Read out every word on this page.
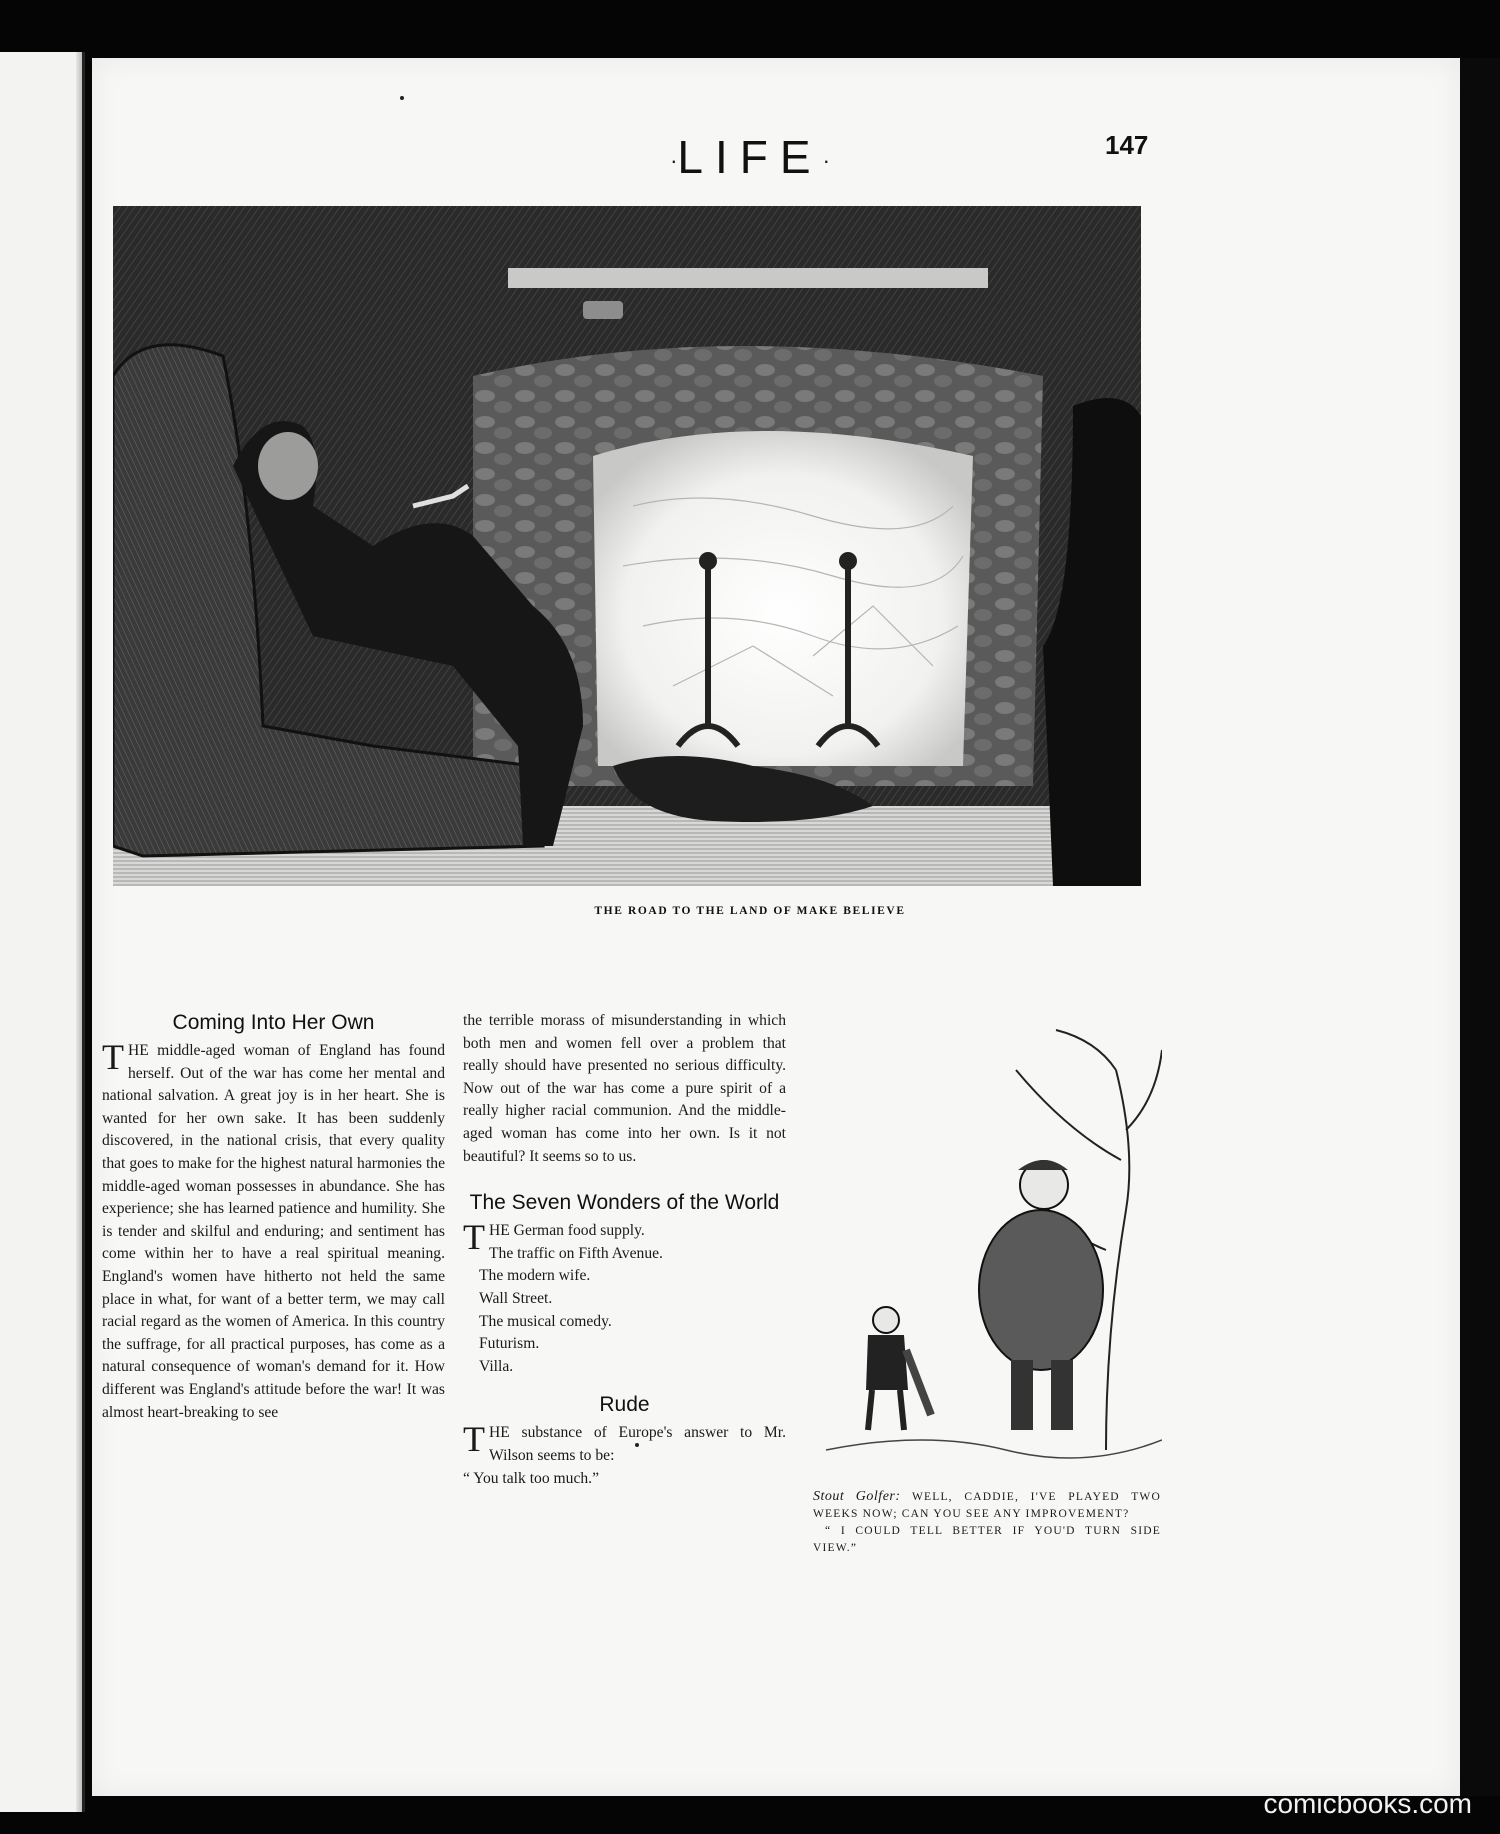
·LIFE·
147
THE ROAD TO THE LAND OF MAKE BELIEVE
Coming Into Her Own

THE middle-aged woman of England has found herself. Out of the war has come her mental and national salvation. A great joy is in her heart. She is wanted for her own sake. It has been suddenly discovered, in the national crisis, that every quality that goes to make for the highest natural harmonies the middle-aged woman possesses in abundance. She has experience; she has learned patience and humility. She is tender and skilful and enduring; and sentiment has come within her to have a real spiritual meaning. England's women have hitherto not held the same place in what, for want of a better term, we may call racial regard as the women of America. In this country the suffrage, for all practical purposes, has come as a natural consequence of woman's demand for it. How different was England's attitude before the war! It was almost heart-breaking to see

the terrible morass of misunderstanding in which both men and women fell over a problem that really should have presented no serious difficulty. Now out of the war has come a pure spirit of a really higher racial communion. And the middle-aged woman has come into her own. Is it not beautiful? It seems so to us.

The Seven Wonders of the World
THE German food supply.
The traffic on Fifth Avenue.
The modern wife.
Wall Street.
The musical comedy.
Futurism.
Villa.
Rude

THE substance of Europe's answer to Mr. Wilson seems to be:

“ You talk too much.”

Stout Golfer: WELL, CADDIE, I'VE PLAYED TWO WEEKS NOW; CAN YOU SEE ANY IMPROVEMENT?
“ I COULD TELL BETTER IF YOU'D TURN SIDE VIEW.”
comicbooks.com
